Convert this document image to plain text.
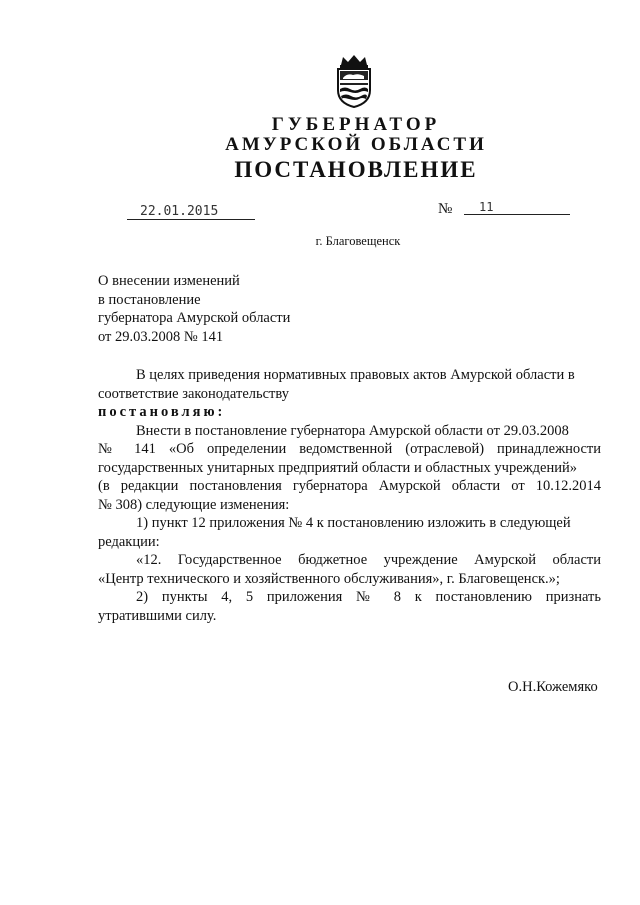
ГУБЕРНАТОР
АМУРСКОЙ ОБЛАСТИ
ПОСТАНОВЛЕНИЕ
22.01.2015	№	11
г. Благовещенск
О внесении изменений
в постановление
губернатора Амурской области
от 29.03.2008 № 141
В целях приведения нормативных правовых актов Амурской области в
соответствие законодательству
постановляю:
Внести в постановление губернатора Амурской области от 29.03.2008
№ 141 «Об определении ведомственной (отраслевой) принадлежности
государственных унитарных предприятий области и областных учреждений»
(в редакции постановления губернатора Амурской области от 10.12.2014
№ 308) следующие изменения:
1) пункт 12 приложения № 4 к постановлению изложить в следующей
редакции:
«12. Государственное бюджетное учреждение Амурской области
«Центр технического и хозяйственного обслуживания», г. Благовещенск.»;
2) пункты 4, 5 приложения № 8 к постановлению признать
утратившими силу.
О.Н.Кожемяко
